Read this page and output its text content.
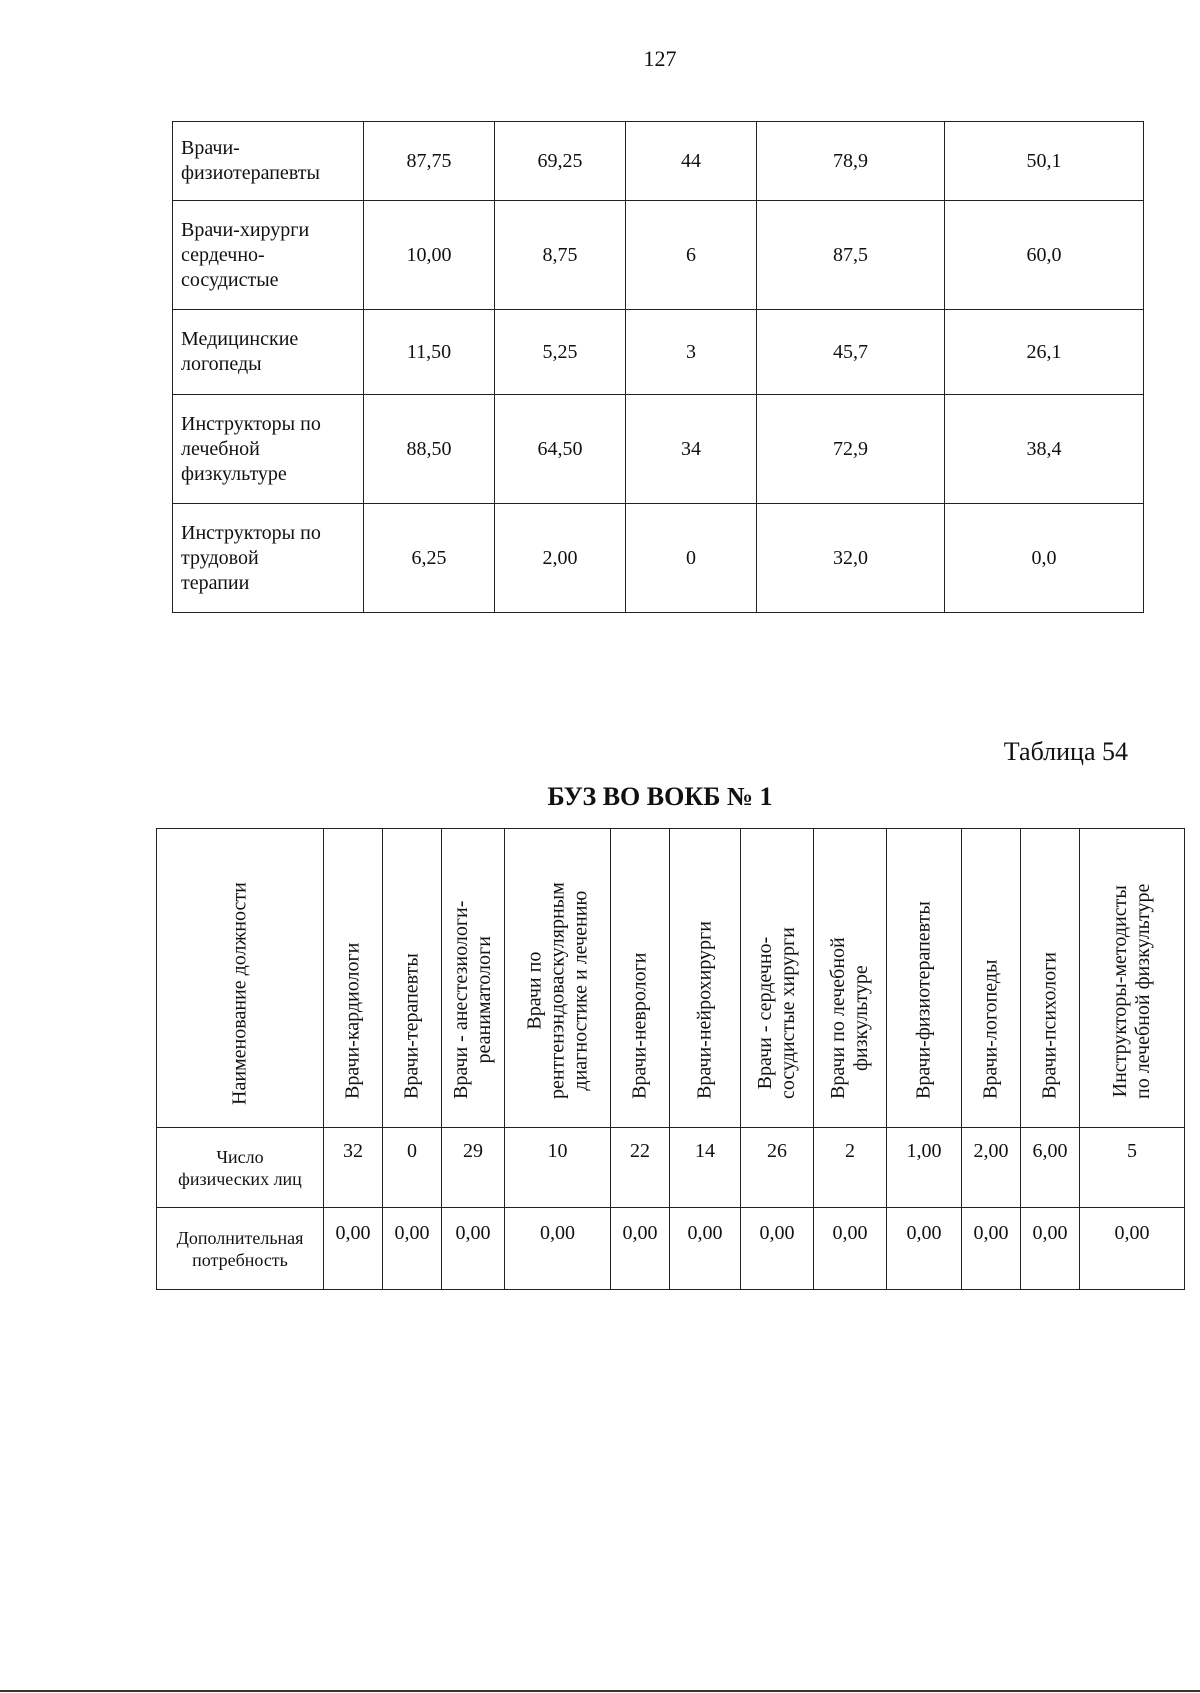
127
Врачи-
физиотерапевты	87,75	69,25	44	78,9	50,1
Врачи-хирурги
сердечно-
сосудистые	10,00	8,75	6	87,5	60,0
Медицинские
логопеды	11,50	5,25	3	45,7	26,1
Инструкторы по
лечебной
физкультуре	88,50	64,50	34	72,9	38,4
Инструкторы по
трудовой
терапии	6,25	2,00	0	32,0	0,0
Таблица 54
БУЗ ВО ВОКБ № 1
Наименование должности	Врачи-кардиологи	Врачи-терапевты	Врачи - анестезиологи-
реаниматологи	Врачи по
рентгенэндоваскулярным
диагностике и лечению	Врачи-неврологи	Врачи-нейрохирурги	Врачи - сердечно-
сосудистые хирурги	Врачи по лечебной
физкультуре	Врачи-физиотерапевты	Врачи-логопеды	Врачи-психологи	Инструкторы-методисты
по лечебной физкультуре

Число
физических лиц	32	0	29	10	22	14	26	2	1,00	2,00	6,00	5
Дополнительная
потребность	0,00	0,00	0,00	0,00	0,00	0,00	0,00	0,00	0,00	0,00	0,00	0,00
